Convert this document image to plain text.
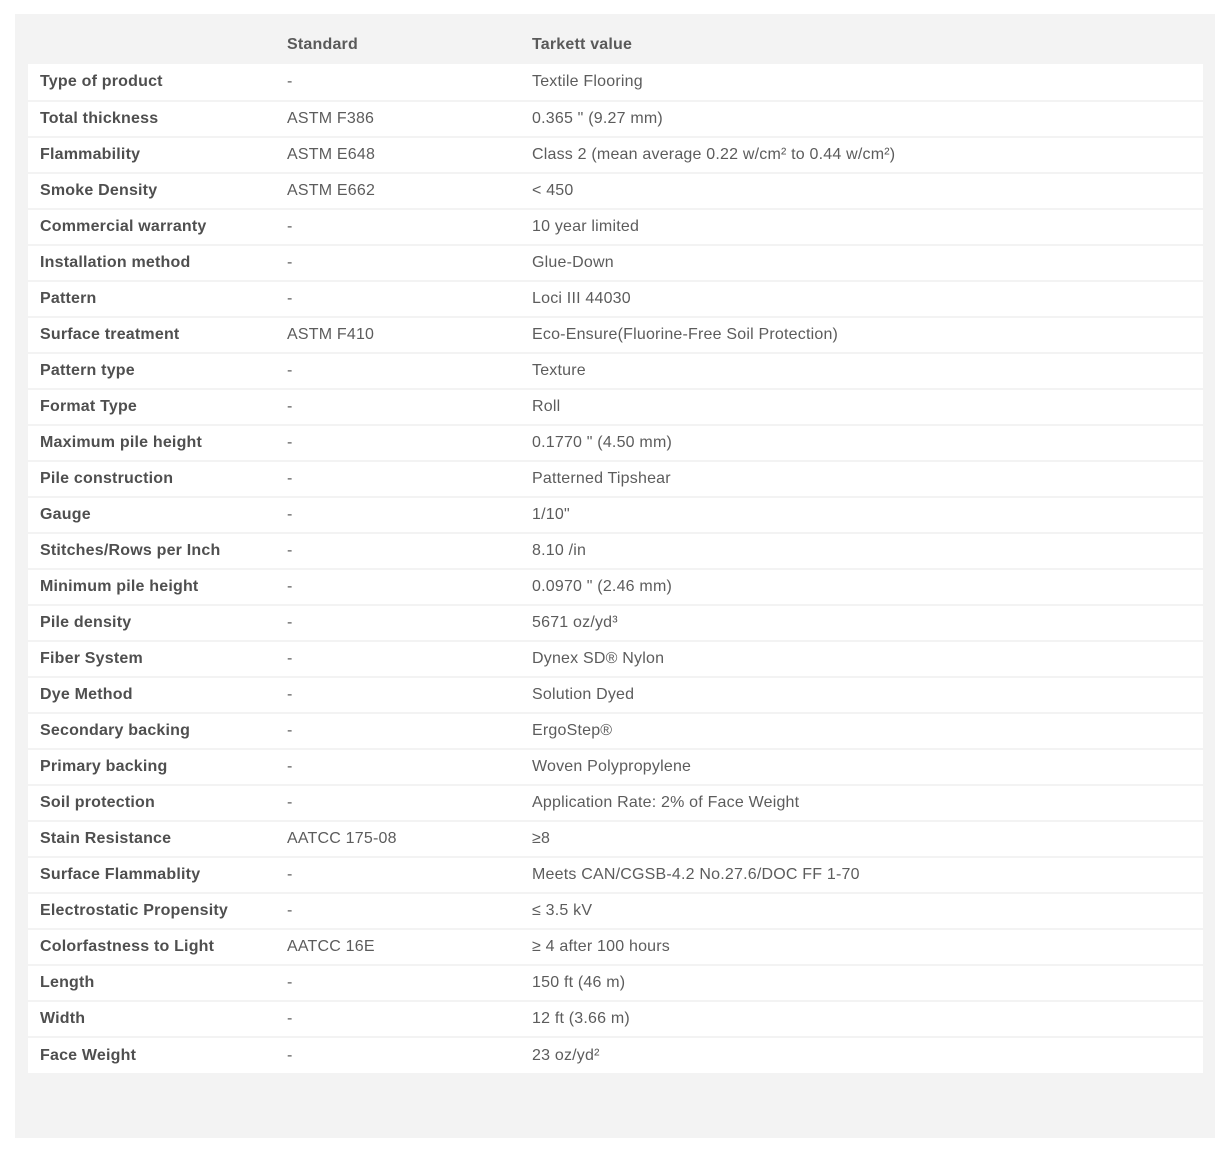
	Standard	Tarkett value
Type of product	-	Textile Flooring
Total thickness	ASTM F386	0.365 " (9.27 mm)
Flammability	ASTM E648	Class 2 (mean average 0.22 w/cm² to 0.44 w/cm²)
Smoke Density	ASTM E662	< 450
Commercial warranty	-	10 year limited
Installation method	-	Glue-Down
Pattern	-	Loci III 44030
Surface treatment	ASTM F410	Eco-Ensure(Fluorine-Free Soil Protection)
Pattern type	-	Texture
Format Type	-	Roll
Maximum pile height	-	0.1770 " (4.50 mm)
Pile construction	-	Patterned Tipshear
Gauge	-	1/10"
Stitches/Rows per Inch	-	8.10 /in
Minimum pile height	-	0.0970 " (2.46 mm)
Pile density	-	5671 oz/yd³
Fiber System	-	Dynex SD® Nylon
Dye Method	-	Solution Dyed
Secondary backing	-	ErgoStep®
Primary backing	-	Woven Polypropylene
Soil protection	-	Application Rate: 2% of Face Weight
Stain Resistance	AATCC 175-08	≥8
Surface Flammablity	-	Meets CAN/CGSB-4.2 No.27.6/DOC FF 1-70
Electrostatic Propensity	-	≤ 3.5 kV
Colorfastness to Light	AATCC 16E	≥ 4 after 100 hours
Length	-	150 ft (46 m)
Width	-	12 ft (3.66 m)
Face Weight	-	23 oz/yd²
